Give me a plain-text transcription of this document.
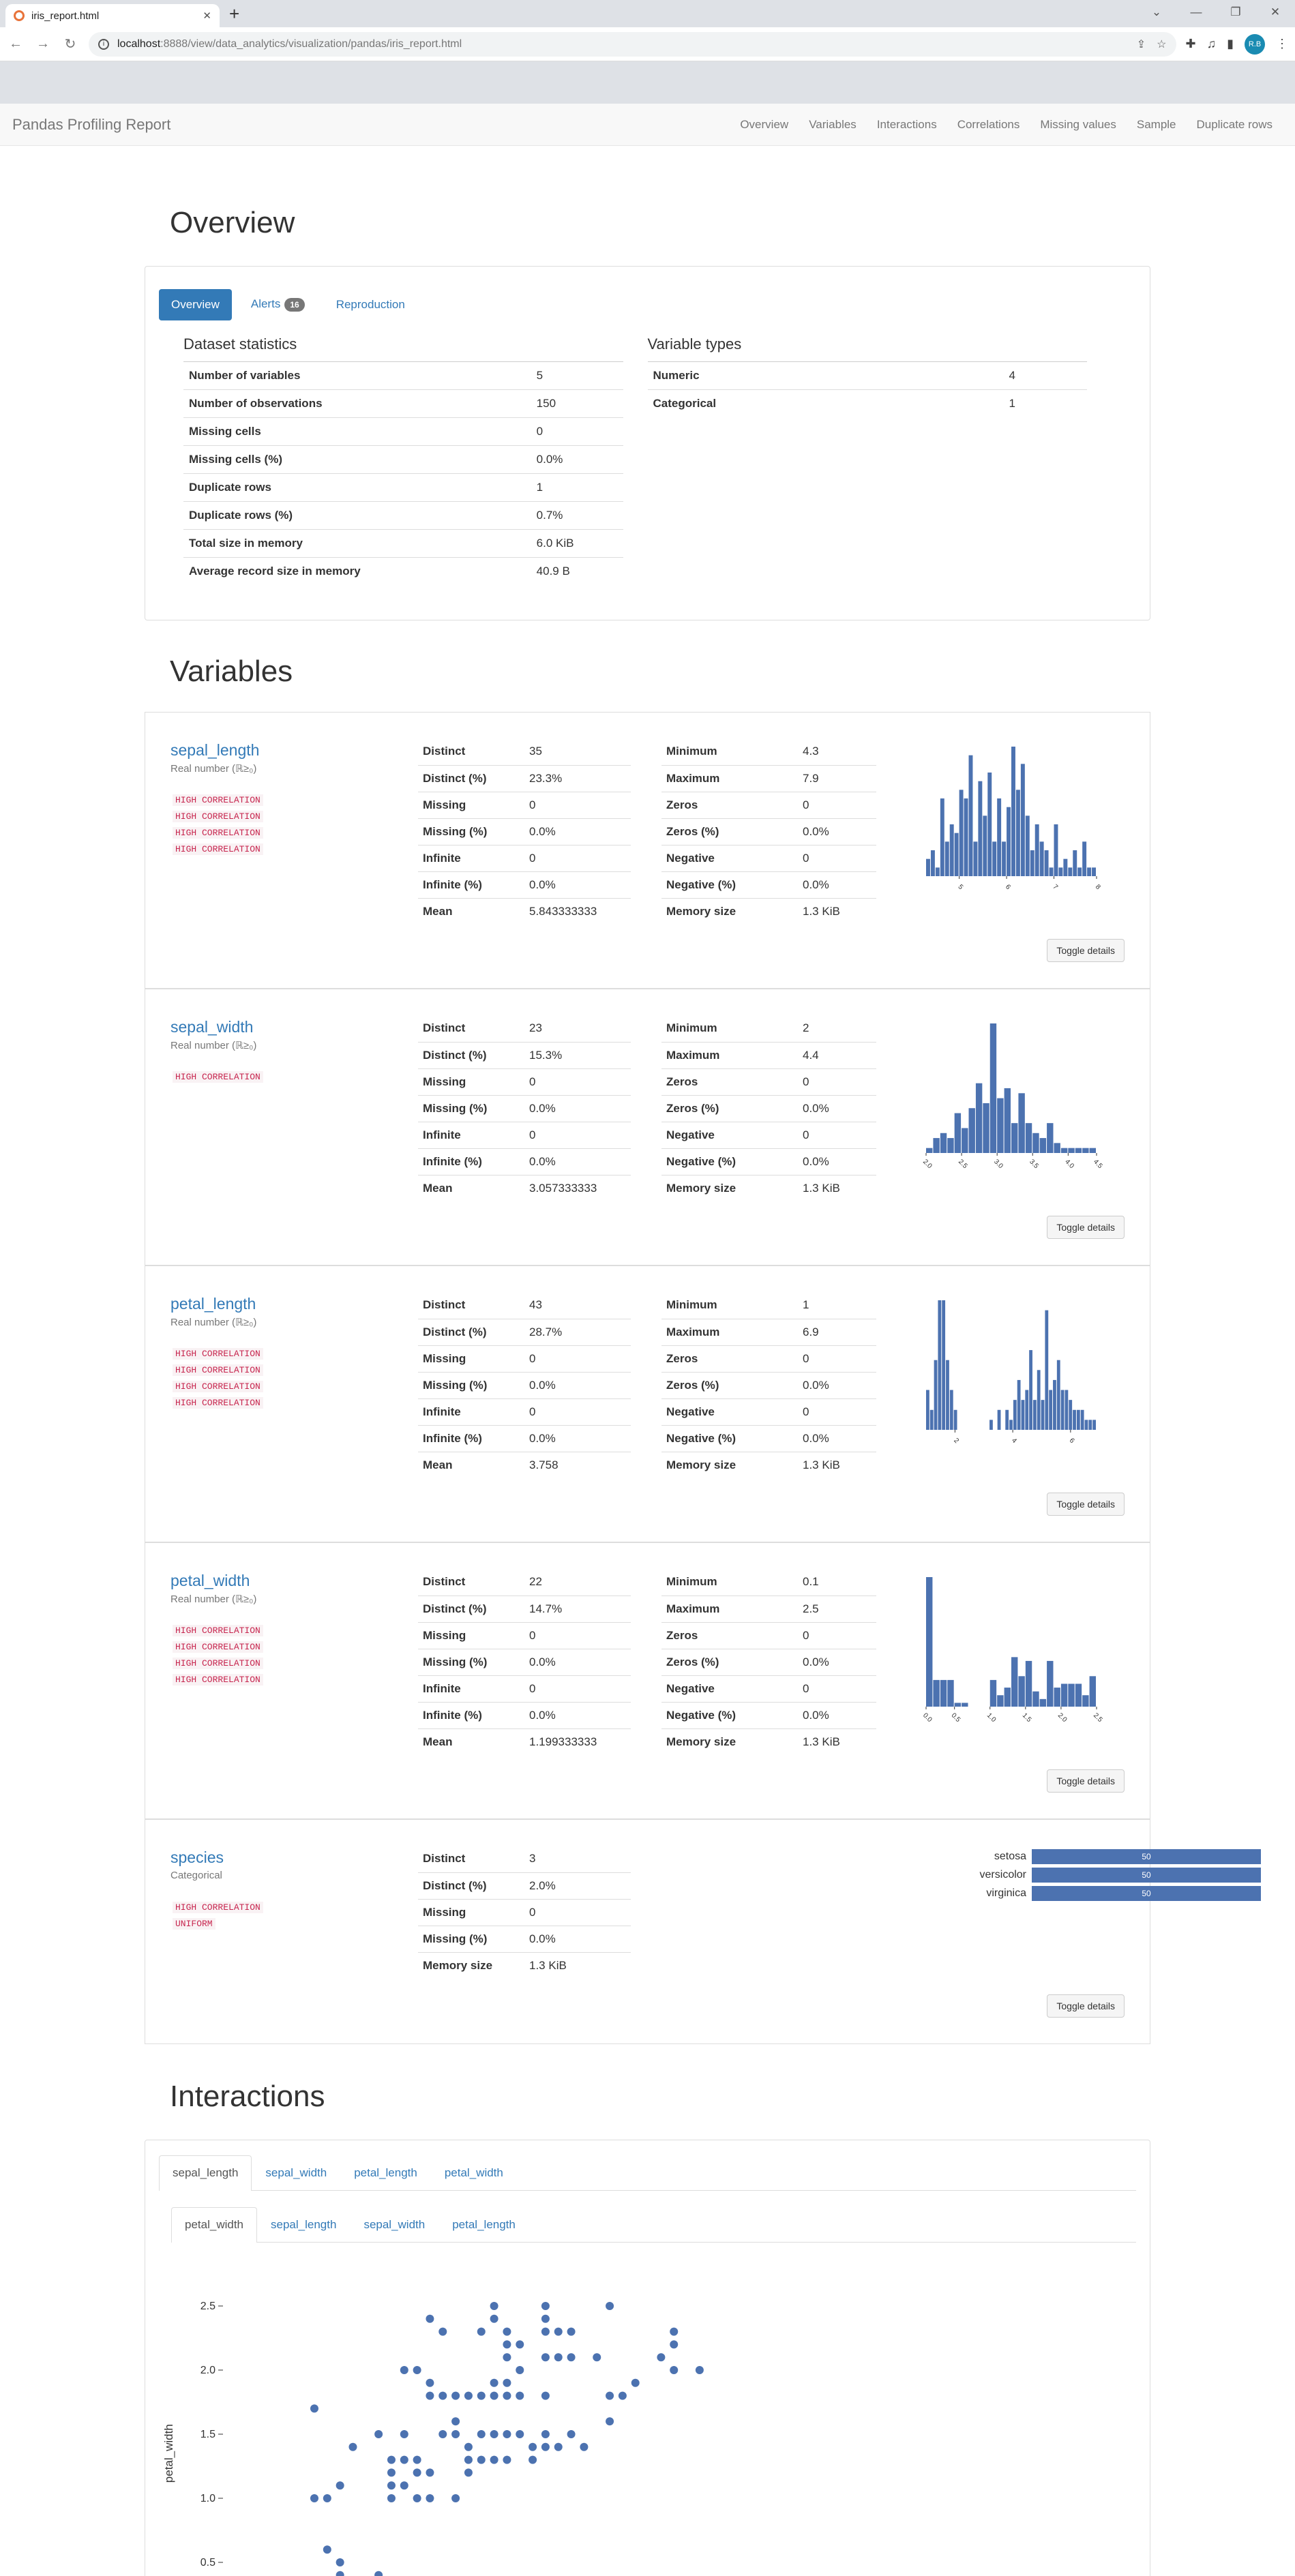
iris_report.html	✕ +	⌄	—	❐	✕
← → ↻	i	localhost :8888/view/data_analytics/visualization/pandas/iris_report.html	⇪ ☆ ✚ ♫ ▮	R.B	⋮
Pandas Profiling Report	Overview	Variables	Interactions	Correlations	Missing values	Sample	Duplicate rows
Overview
Overview	Alerts 16	Reproduction
Dataset statistics
Number of variables	5
Number of observations	150
Missing cells	0
Missing cells (%)	0.0%
Duplicate rows	1
Duplicate rows (%)	0.7%
Total size in memory	6.0 KiB
Average record size in memory	40.9 B
Variable types
Numeric	4
Categorical	1
Variables
sepal_length
Real number (ℝ≥₀)
HIGH CORRELATION
HIGH CORRELATION
HIGH CORRELATION
HIGH CORRELATION
Distinct	35
Distinct (%)	23.3%
Missing	0
Missing (%)	0.0%
Infinite	0
Infinite (%)	0.0%
Mean	5.843333333
Minimum	4.3
Maximum	7.9
Zeros	0
Zeros (%)	0.0%
Negative	0
Negative (%)	0.0%
Memory size	1.3 KiB
5	6	7	8
Toggle details
sepal_width
Real number (ℝ≥₀)
HIGH CORRELATION
Distinct	23
Distinct (%)	15.3%
Missing	0
Missing (%)	0.0%
Infinite	0
Infinite (%)	0.0%
Mean	3.057333333
Minimum	2
Maximum	4.4
Zeros	0
Zeros (%)	0.0%
Negative	0
Negative (%)	0.0%
Memory size	1.3 KiB
2.0	2.5	3.0	3.5	4.0 4.5
Toggle details
petal_length
Real number (ℝ≥₀)
HIGH CORRELATION
HIGH CORRELATION
HIGH CORRELATION
HIGH CORRELATION
Distinct	43
Distinct (%)	28.7%
Missing	0
Missing (%)	0.0%
Infinite	0
Infinite (%)	0.0%
Mean	3.758
Minimum	1
Maximum	6.9
Zeros	0
Zeros (%)	0.0%
Negative	0
Negative (%)	0.0%
Memory size	1.3 KiB
2	4	6
Toggle details
petal_width
Real number (ℝ≥₀)
HIGH CORRELATION
HIGH CORRELATION
HIGH CORRELATION
HIGH CORRELATION
Distinct	22
Distinct (%)	14.7%
Missing	0
Missing (%)	0.0%
Infinite	0
Infinite (%)	0.0%
Mean	1.199333333
Minimum	0.1
Maximum	2.5
Zeros	0
Zeros (%)	0.0%
Negative	0
Negative (%)	0.0%
Memory size	1.3 KiB
0.0 0.5	1.0	1.5	2.0	2.5
Toggle details
species
Categorical
HIGH CORRELATION
UNIFORM
Distinct	3
Distinct (%)	2.0%
Missing	0
Missing (%)	0.0%
Memory size	1.3 KiB
setosa	50
versicolor	50
virginica	50
Toggle details
Interactions
sepal_length	sepal_width	petal_length	petal_width
petal_width	sepal_length	sepal_width	petal_length
petal_width
0.5
1.0
1.5
2.0
2.5
